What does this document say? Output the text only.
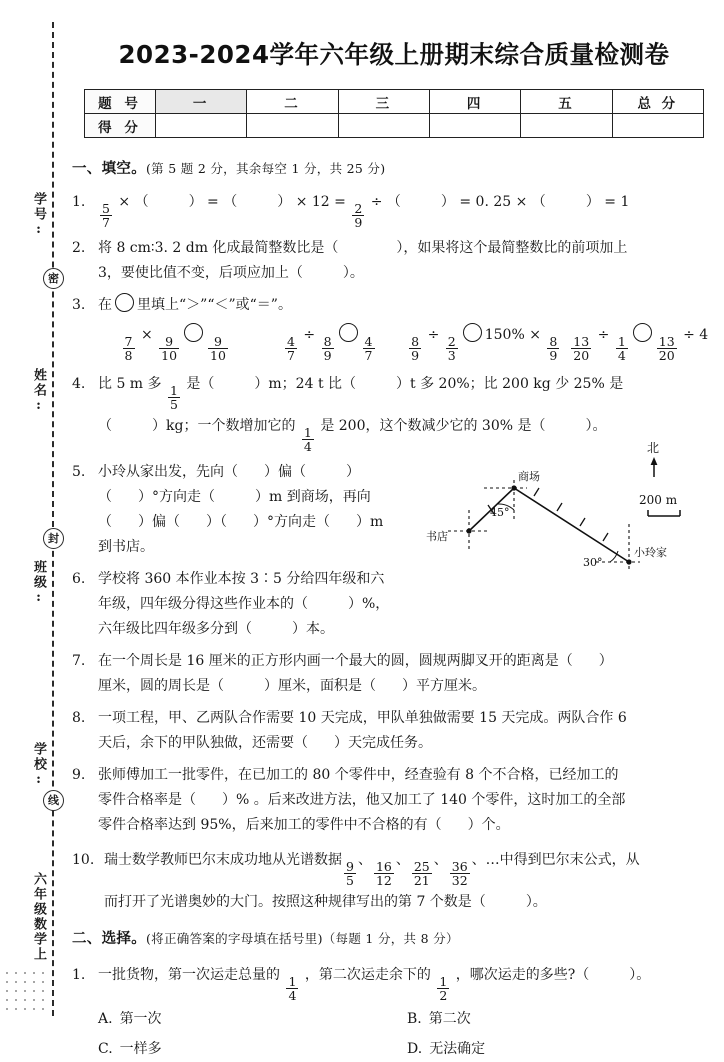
学号:
姓名:
班级:
学校:
六年级数学上
密
封
线
2023-2024学年六年级上册期末综合质量检测卷
题 号	一	二	三	四	五	总 分
得 分						
一、填空。(第 5 题 2 分，其余每空 1 分，共 25 分)
1.	$\frac{5}{7}$ × （	） = （	） × $12 = \frac{2}{9}$ ÷ （	） = 0. 25 × （	） = 1
2. 将 8 cm∶3. 2 dm 化成最简整数比是（	），如果将这个最简整数比的前项加上
3，要使比值不变，后项应加上（	）。
3. 在 里填上“＞”“＜”或“＝”。
$\frac{7}{8} \times \frac{9}{10} \frac{9}{10}$	$\frac{4}{7} \div \frac{8}{9} \frac{4}{7}$	$\frac{8}{9} \div \frac{2}{3} 150\% \times \frac{8}{9} \frac{13}{20} \div \frac{1}{4} \frac{13}{20} \div 4$
4. 比 5 m 多 $\frac{1}{5}$ 是（	）m；24 t 比（	）t 多 20%；比 200 kg 少 25% 是
（	）kg；一个数增加它的 $\frac{1}{4}$ 是 200，这个数减少它的 30% 是（	）。
5. 小玲从家出发，先向（ ）偏（	）
（ ）°方向走（	）m 到商场，再向
（ ）偏（ ）（ ）°方向走（ ）m
到书店。
6. 学校将 360 本作业本按 3∶5 分给四年级和六
年级，四年级分得这些作业本的（	）%，
六年级比四年级多分到（	）本。
7. 在一个周长是 16 厘米的正方形内画一个最大的圆，圆规两脚叉开的距离是（ ）
厘米，圆的周长是（	）厘米，面积是（ ）平方厘米。
8. 一项工程，甲、乙两队合作需要 10 天完成，甲队单独做需要 15 天完成。两队合作 6
天后，余下的甲队独做，还需要（ ）天完成任务。
9. 张师傅加工一批零件，在已加工的 80 个零件中，经查验有 8 个不合格，已经加工的
零件合格率是（ ）% 。后来改进方法，他又加工了 140 个零件，这时加工的全部
零件合格率达到 95%，后来加工的零件中不合格的有（ ）个。
10. 瑞士数学教师巴尔末成功地从光谱数据 $\frac{9}{5}$ 、 $\frac{16}{12}$ 、 $\frac{25}{21}$ 、 $\frac{36}{32}$ 、…中得到巴尔末公式，从
而打开了光谱奥妙的大门。按照这种规律写出的第 7 个数是（	）。
二、选择。(将正确答案的字母填在括号里)（每题 1 分，共 8 分）
1. 一批货物，第一次运走总量的 $\frac{1}{4}$ ，第二次运走余下的 $\frac{1}{2}$ ，哪次运走的多些?（	）。
A. 第一次	B. 第二次
C. 一样多	D. 无法确定
商场
45°
书店
小玲家
30°
北
200 m
